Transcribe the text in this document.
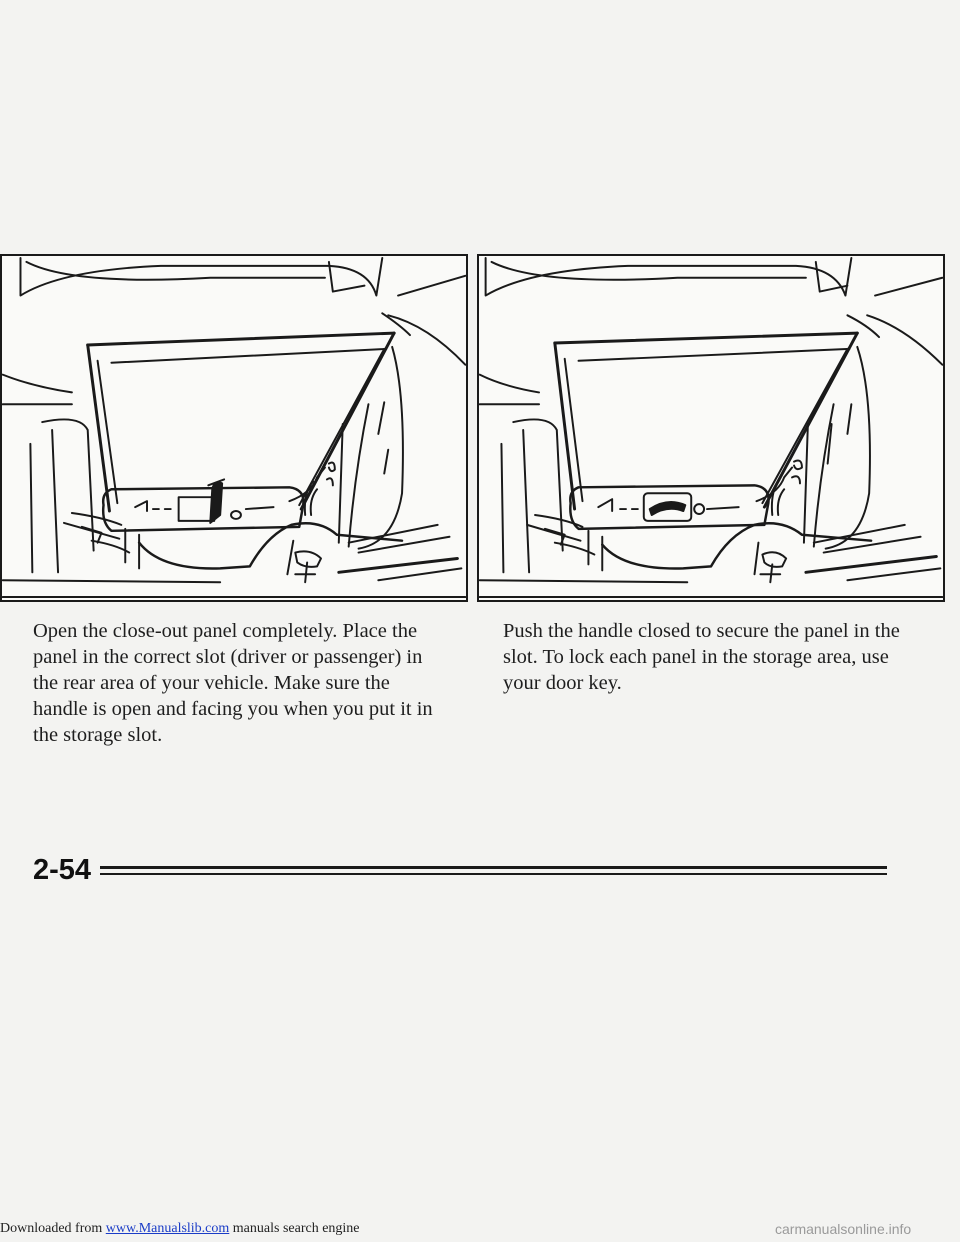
Open the close-out panel completely. Place the panel in the correct slot (driver or passenger) in the rear area of your vehicle. Make sure the handle is open and facing you when you put it in the storage slot.

Push the handle closed to secure the panel in the slot. To lock each panel in the storage area, use your door key.

2-54
Downloaded from www.Manualslib.com manuals search engine	carmanualsonline.info
